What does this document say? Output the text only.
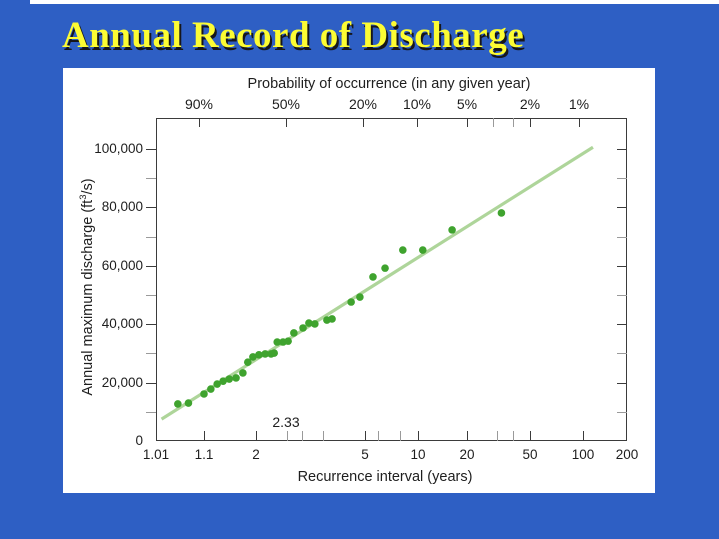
Annual Record of Discharge
Probability of occurrence (in any given year)
Recurrence interval (years)
Annual maximum discharge $(ft^3/s)$
2.33
1.01 1.1	2	5	10	20	50	100 200
90%	50%	20% 10% 5%	2% 1%
100,000
80,000
60,000
40,000
20,000
0
